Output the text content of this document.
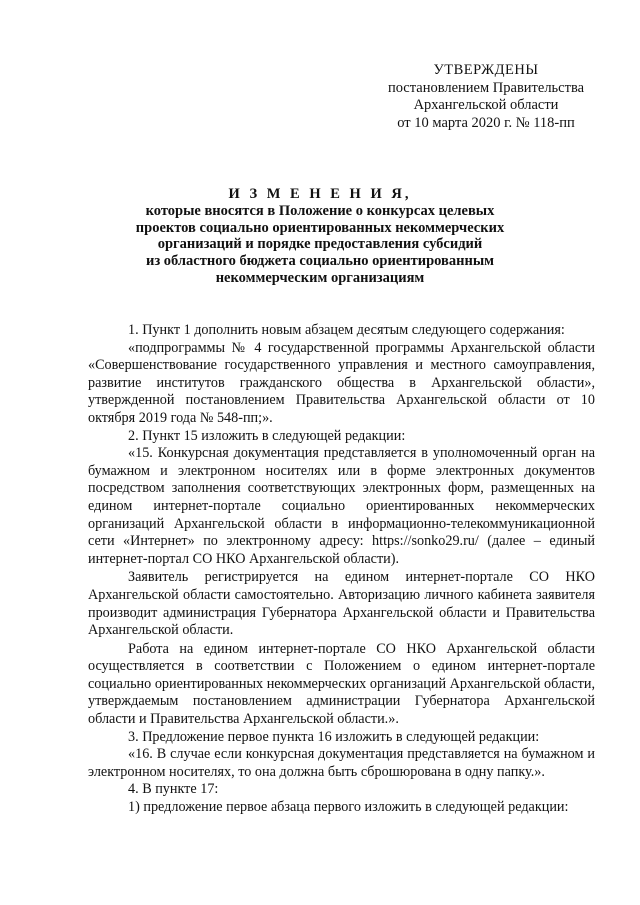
УТВЕРЖДЕНЫ
постановлением Правительства
Архангельской области
от 10 марта 2020 г. № 118-пп
И З М Е Н Е Н И Я,
которые вносятся в Положение о конкурсах целевых
проектов социально ориентированных некоммерческих
организаций и порядке предоставления субсидий
из областного бюджета социально ориентированным
некоммерческим организациям

1. Пункт 1 дополнить новым абзацем десятым следующего содержания:

«подпрограммы № 4 государственной программы Архангельской области «Совершенствование государственного управления и местного самоуправления, развитие институтов гражданского общества в Архангельской области», утвержденной постановлением Правительства Архангельской области от 10 октября 2019 года № 548-пп;».

2. Пункт 15 изложить в следующей редакции:

«15. Конкурсная документация представляется в уполномоченный орган на бумажном и электронном носителях или в форме электронных документов посредством заполнения соответствующих электронных форм, размещенных на едином интернет-портале социально ориентированных некоммерческих организаций Архангельской области в информационно-телекоммуникационной сети «Интернет» по электронному адресу: https://sonko29.ru/ (далее – единый интернет-портал СО НКО Архангельской области).

Заявитель регистрируется на едином интернет-портале СО НКО Архангельской области самостоятельно. Авторизацию личного кабинета заявителя производит администрация Губернатора Архангельской области и Правительства Архангельской области.

Работа на едином интернет-портале СО НКО Архангельской области осуществляется в соответствии с Положением о едином интернет-портале социально ориентированных некоммерческих организаций Архангельской области, утверждаемым постановлением администрации Губернатора Архангельской области и Правительства Архангельской области.».

3. Предложение первое пункта 16 изложить в следующей редакции:

«16. В случае если конкурсная документация представляется на бумажном и электронном носителях, то она должна быть сброшюрована в одну папку.».

4. В пункте 17:

1) предложение первое абзаца первого изложить в следующей редакции:
